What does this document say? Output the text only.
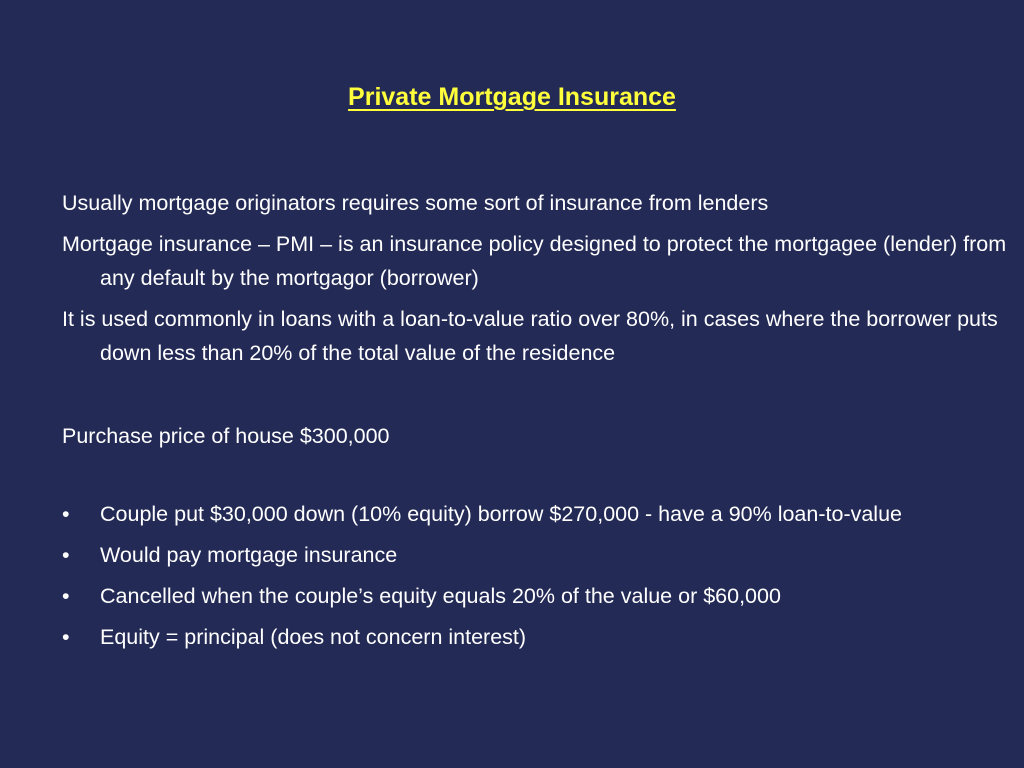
Private Mortgage Insurance

Usually mortgage originators requires some sort of insurance from lenders

Mortgage insurance – PMI – is an insurance policy designed to protect the mortgagee (lender) from any default by the mortgagor (borrower)

It is used commonly in loans with a loan-to-value ratio over 80%, in cases where the borrower puts down less than 20% of the total value of the residence

Purchase price of house $300,000

• Couple put $30,000 down (10% equity) borrow $270,000 - have a 90% loan-to-value
• Would pay mortgage insurance
• Cancelled when the couple’s equity equals 20% of the value or $60,000
• Equity = principal (does not concern interest)
